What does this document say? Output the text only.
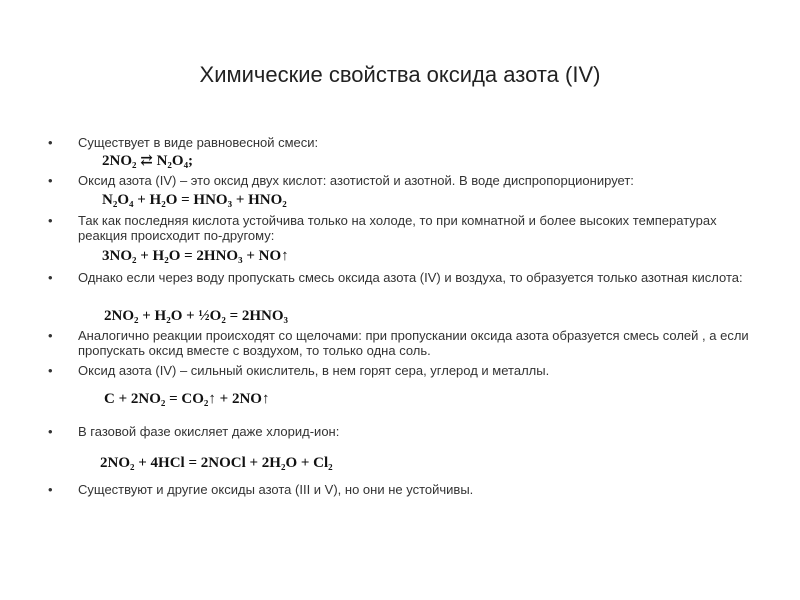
Химические свойства оксида азота (IV)
•	Существует в виде равновесной смеси:
2NO₂ ⇄ N₂O₄;
•	Оксид азота (IV) – это оксид двух кислот: азотистой и азотной. В воде диспропорционирует:
N₂O₄ + H₂O = HNO₃ + HNO₂
•	Так как последняя кислота устойчива только на холоде, то при комнатной и более высоких температурах реакция происходит по-другому:
3NO₂ + H₂O = 2HNO₃ + NO↑
•	Однако если через воду пропускать смесь оксида азота (IV) и воздуха, то образуется только азотная кислота:
2NO₂ + H₂O + ½O₂ = 2HNO₃
•	Аналогично реакции происходят со щелочами: при пропускании оксида азота образуется смесь солей , а если пропускать оксид вместе с воздухом, то только одна соль.
•	Оксид азота (IV) – сильный окислитель, в нем горят сера, углерод и металлы.
C + 2NO₂ = CO₂↑ + 2NO↑
•	В газовой фазе окисляет даже хлорид-ион:
2NO₂ + 4HCl = 2NOCl + 2H₂O + Cl₂
•	Существуют и другие оксиды азота (III и V), но они не устойчивы.
